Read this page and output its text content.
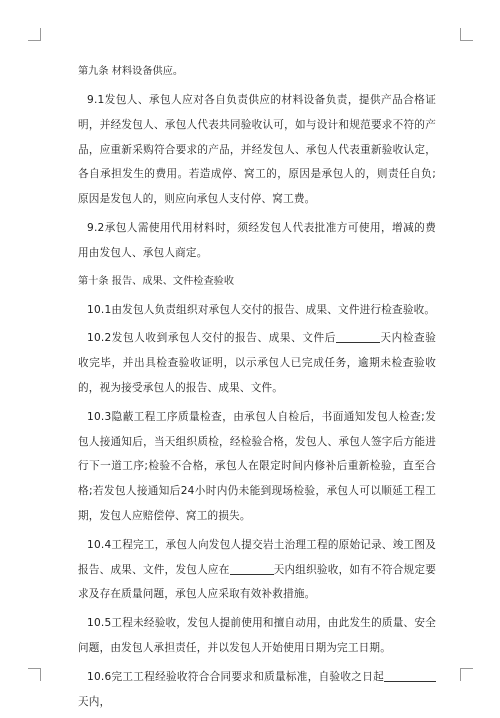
第九条 材料设备供应。

9.1发包人、承包人应对各自负责供应的材料设备负责，提供产品合格证明，并经发包人、承包人代表共同验收认可，如与设计和规范要求不符的产品，应重新采购符合要求的产品，并经发包人、承包人代表重新验收认定，各自承担发生的费用。若造成停、窝工的，原因是承包人的，则责任自负;原因是发包人的，则应向承包人支付停、窝工费。

9.2承包人需使用代用材料时，须经发包人代表批准方可使用，增减的费用由发包人、承包人商定。

第十条 报告、成果、文件检查验收

10.1由发包人负责组织对承包人交付的报告、成果、文件进行检查验收。

10.2发包人收到承包人交付的报告、成果、文件后	天内检查验收完毕，并出具检查验收证明，以示承包人已完成任务，逾期未检查验收的，视为接受承包人的报告、成果、文件。

10.3隐蔽工程工序质量检查，由承包人自检后，书面通知发包人检查;发包人接通知后，当天组织质检，经检验合格，发包人、承包人签字后方能进行下一道工序;检验不合格，承包人在限定时间内修补后重新检验，直至合格;若发包人接通知后24小时内仍未能到现场检验，承包人可以顺延工程工期，发包人应赔偿停、窝工的损失。

10.4工程完工，承包人向发包人提交岩土治理工程的原始记录、竣工图及报告、成果、文件，发包人应在	天内组织验收，如有不符合规定要求及存在质量问题，承包人应采取有效补救措施。

10.5工程未经验收，发包人提前使用和擅自动用，由此发生的质量、安全问题，由发包人承担责任，并以发包人开始使用日期为完工日期。

10.6完工工程经验收符合合同要求和质量标准，自验收之日起天内，
